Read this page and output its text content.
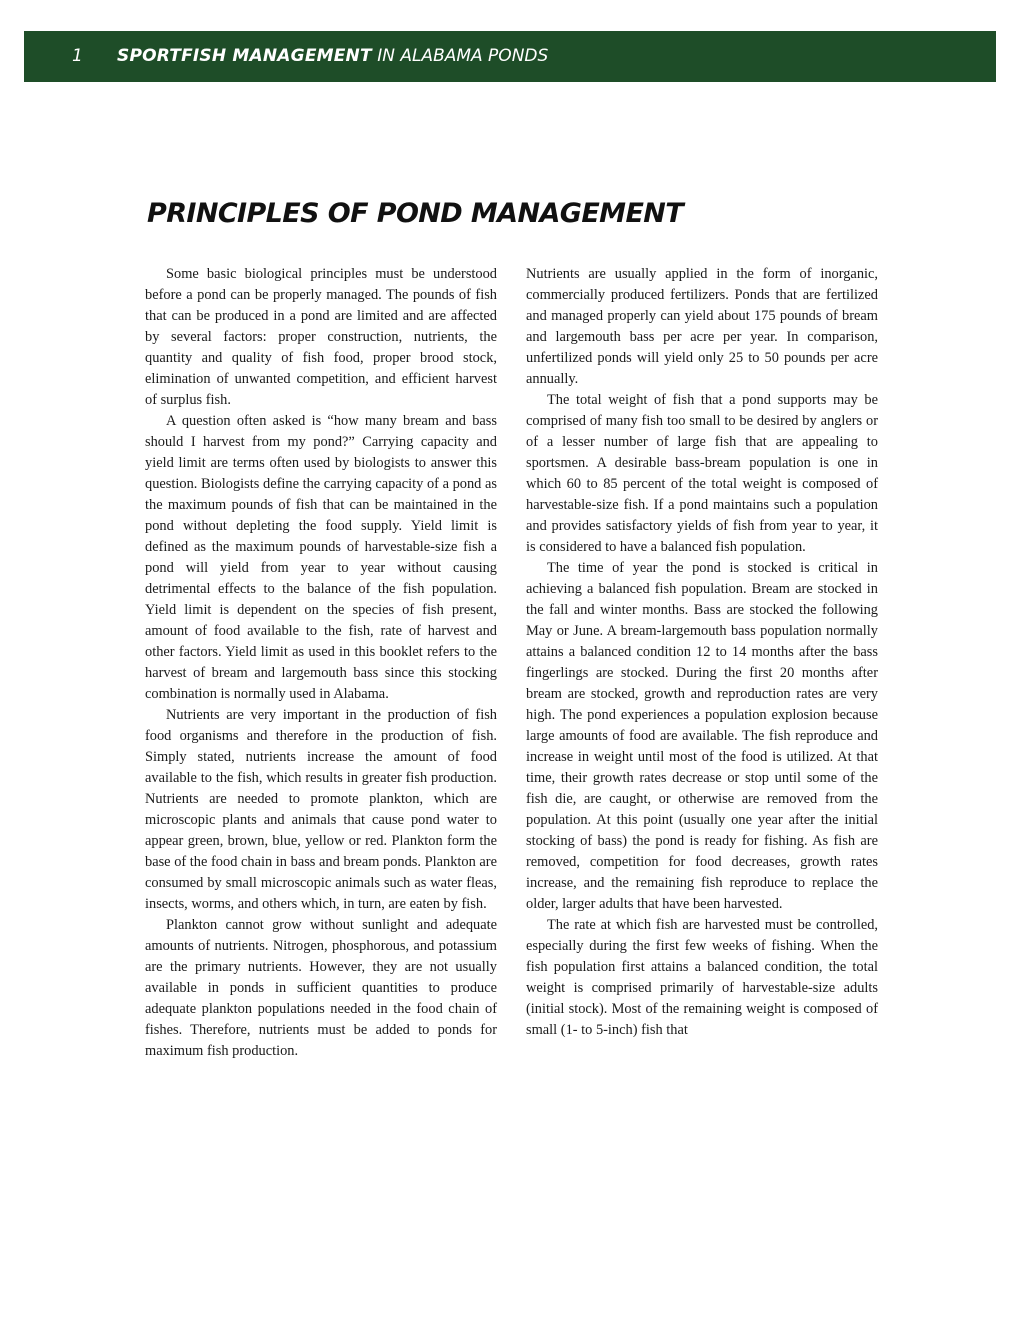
1 SPORTFISH MANAGEMENT IN ALABAMA PONDS
PRINCIPLES OF POND MANAGEMENT

Some basic biological principles must be understood before a pond can be properly managed. The pounds of fish that can be produced in a pond are limited and are affected by several factors: proper construction, nutrients, the quantity and quality of fish food, proper brood stock, elimination of unwanted competition, and efficient harvest of surplus fish.

A question often asked is “how many bream and bass should I harvest from my pond?” Carrying capacity and yield limit are terms often used by biologists to answer this question. Biologists define the carrying capacity of a pond as the maximum pounds of fish that can be maintained in the pond without depleting the food supply. Yield limit is defined as the maximum pounds of harvestable-size fish a pond will yield from year to year without causing detrimental effects to the balance of the fish population. Yield limit is dependent on the species of fish present, amount of food available to the fish, rate of harvest and other factors. Yield limit as used in this booklet refers to the harvest of bream and largemouth bass since this stocking combination is normally used in Alabama.

Nutrients are very important in the production of fish food organisms and therefore in the production of fish. Simply stated, nutrients increase the amount of food available to the fish, which results in greater fish production. Nutrients are needed to promote plankton, which are microscopic plants and animals that cause pond water to appear green, brown, blue, yellow or red. Plankton form the base of the food chain in bass and bream ponds. Plankton are consumed by small microscopic animals such as water fleas, insects, worms, and others which, in turn, are eaten by fish.

Plankton cannot grow without sunlight and adequate amounts of nutrients. Nitrogen, phosphorous, and potassium are the primary nutrients. However, they are not usually available in ponds in sufficient quantities to produce adequate plankton populations needed in the food chain of fishes. Therefore, nutrients must be added to ponds for maximum fish production.

Nutrients are usually applied in the form of inorganic, commercially produced fertilizers. Ponds that are fertilized and managed properly can yield about 175 pounds of bream and largemouth bass per acre per year. In comparison, unfertilized ponds will yield only 25 to 50 pounds per acre annually.

The total weight of fish that a pond supports may be comprised of many fish too small to be desired by anglers or of a lesser number of large fish that are appealing to sportsmen. A desirable bass-bream population is one in which 60 to 85 percent of the total weight is composed of harvestable-size fish. If a pond maintains such a population and provides satisfactory yields of fish from year to year, it is considered to have a balanced fish population.

The time of year the pond is stocked is critical in achieving a balanced fish population. Bream are stocked in the fall and winter months. Bass are stocked the following May or June. A bream-largemouth bass population normally attains a balanced condition 12 to 14 months after the bass fingerlings are stocked. During the first 20 months after bream are stocked, growth and reproduction rates are very high. The pond experiences a population explosion because large amounts of food are available. The fish reproduce and increase in weight until most of the food is utilized. At that time, their growth rates decrease or stop until some of the fish die, are caught, or otherwise are removed from the population. At this point (usually one year after the initial stocking of bass) the pond is ready for fishing. As fish are removed, competition for food decreases, growth rates increase, and the remaining fish reproduce to replace the older, larger adults that have been harvested.

The rate at which fish are harvested must be controlled, especially during the first few weeks of fishing. When the fish population first attains a balanced condition, the total weight is comprised primarily of harvestable-size adults (initial stock). Most of the remaining weight is composed of small (1- to 5-inch) fish that
